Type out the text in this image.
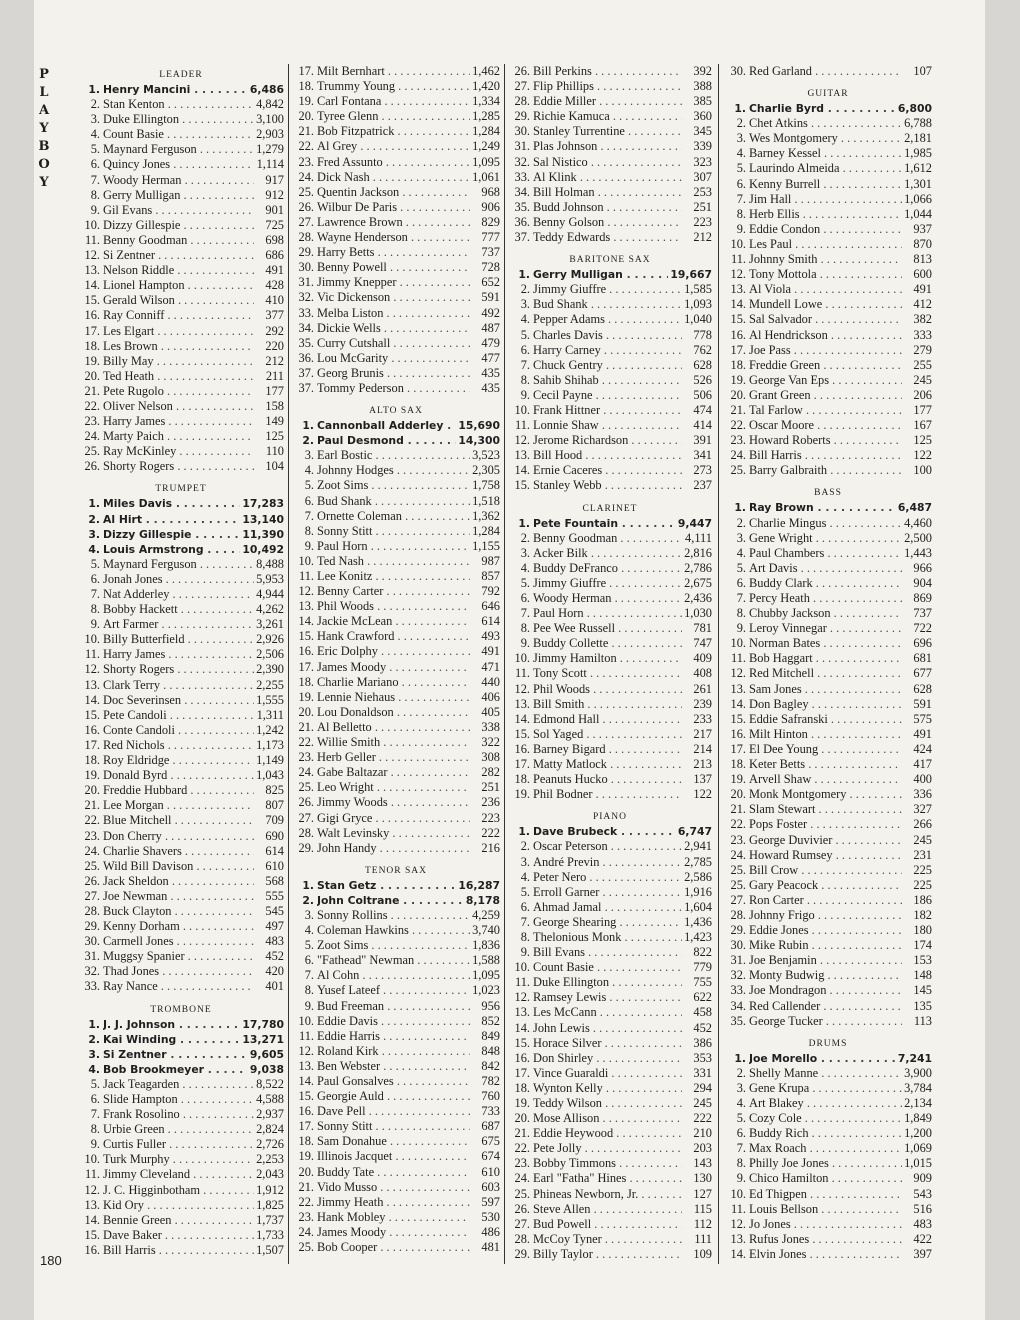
P
L
A
Y
B
O
Y
180
LEADER
1. Henry Mancini . . .	6,486
2. Stan Kenton . . .	4,842
3. Duke Ellington . . .	3,100
4. Count Basie . . .	2,903
5. Maynard Ferguson . . .	1,279
6. Quincy Jones . . .	1,114
7. Woody Herman . . .	917
8. Gerry Mulligan . . .	912
9. Gil Evans . . .	901
10. Dizzy Gillespie . . .	725
11. Benny Goodman . . .	698
12. Si Zentner . . .	686
13. Nelson Riddle . . .	491
14. Lionel Hampton . . .	428
15. Gerald Wilson . . .	410
16. Ray Conniff . . .	377
17. Les Elgart . . .	292
18. Les Brown . . .	220
19. Billy May . . .	212
20. Ted Heath . . .	211
21. Pete Rugolo . . .	177
22. Oliver Nelson . . .	158
23. Harry James . . .	149
24. Marty Paich . . .	125
25. Ray McKinley . . .	110
26. Shorty Rogers . . .	104
TRUMPET
1. Miles Davis . . .	17,283
2. Al Hirt . . .	13,140
3. Dizzy Gillespie . . .	11,390
4. Louis Armstrong . . .	10,492
5. Maynard Ferguson . . .	8,488
6. Jonah Jones . . .	5,953
7. Nat Adderley . . .	4,944
8. Bobby Hackett . . .	4,262
9. Art Farmer . . .	3,261
10. Billy Butterfield . . .	2,926
11. Harry James . . .	2,506
12. Shorty Rogers . . .	2,390
13. Clark Terry . . .	2,255
14. Doc Severinsen . . .	1,555
15. Pete Candoli . . .	1,311
16. Conte Candoli . . .	1,242
17. Red Nichols . . .	1,173
18. Roy Eldridge . . .	1,149
19. Donald Byrd . . .	1,043
20. Freddie Hubbard . . .	825
21. Lee Morgan . . .	807
22. Blue Mitchell . . .	709
23. Don Cherry . . .	690
24. Charlie Shavers . . .	614
25. Wild Bill Davison . . .	610
26. Jack Sheldon . . .	568
27. Joe Newman . . .	555
28. Buck Clayton . . .	545
29. Kenny Dorham . . .	497
30. Carmell Jones . . .	483
31. Muggsy Spanier . . .	452
32. Thad Jones . . .	420
33. Ray Nance . . .	401
TROMBONE
1. J. J. Johnson . . .	17,780
2. Kai Winding . . .	13,271
3. Si Zentner . . .	9,605
4. Bob Brookmeyer . . .	9,038
5. Jack Teagarden . . .	8,522
6. Slide Hampton . . .	4,588
7. Frank Rosolino . . .	2,937
8. Urbie Green . . .	2,824
9. Curtis Fuller . . .	2,726
10. Turk Murphy . . .	2,253
11. Jimmy Cleveland . . .	2,043
12. J. C. Higginbotham . . .	1,912
13. Kid Ory . . .	1,825
14. Bennie Green . . .	1,737
15. Dave Baker . . .	1,733
16. Bill Harris . . .	1,507
17. Milt Bernhart . . .	1,462
18. Trummy Young . . .	1,420
19. Carl Fontana . . .	1,334
20. Tyree Glenn . . .	1,285
21. Bob Fitzpatrick . . .	1,284
22. Al Grey . . .	1,249
23. Fred Assunto . . .	1,095
24. Dick Nash . . .	1,061
25. Quentin Jackson . . .	968
26. Wilbur De Paris . . .	906
27. Lawrence Brown . . .	829
28. Wayne Henderson . . .	777
29. Harry Betts . . .	737
30. Benny Powell . . .	728
31. Jimmy Knepper . . .	652
32. Vic Dickenson . . .	591
33. Melba Liston . . .	492
34. Dickie Wells . . .	487
35. Curry Cutshall . . .	479
36. Lou McGarity . . .	477
37. Georg Brunis . . .	435
37. Tommy Pederson . . .	435
ALTO SAX
1. Cannonball Adderley . . .	15,690
2. Paul Desmond . . .	14,300
3. Earl Bostic . . .	3,523
4. Johnny Hodges . . .	2,305
5. Zoot Sims . . .	1,758
6. Bud Shank . . .	1,518
7. Ornette Coleman . . .	1,362
8. Sonny Stitt . . .	1,284
9. Paul Horn . . .	1,155
10. Ted Nash . . .	987
11. Lee Konitz . . .	857
12. Benny Carter . . .	792
13. Phil Woods . . .	646
14. Jackie McLean . . .	614
15. Hank Crawford . . .	493
16. Eric Dolphy . . .	491
17. James Moody . . .	471
18. Charlie Mariano . . .	440
19. Lennie Niehaus . . .	406
20. Lou Donaldson . . .	405
21. Al Belletto . . .	338
22. Willie Smith . . .	322
23. Herb Geller . . .	308
24. Gabe Baltazar . . .	282
25. Leo Wright . . .	251
26. Jimmy Woods . . .	236
27. Gigi Gryce . . .	223
28. Walt Levinsky . . .	222
29. John Handy . . .	216
TENOR SAX
1. Stan Getz . . .	16,287
2. John Coltrane . . .	8,178
3. Sonny Rollins . . .	4,259
4. Coleman Hawkins . . .	3,740
5. Zoot Sims . . .	1,836
6. "Fathead" Newman . . .	1,588
7. Al Cohn . . .	1,095
8. Yusef Lateef . . .	1,023
9. Bud Freeman . . .	956
10. Eddie Davis . . .	852
11. Eddie Harris . . .	849
12. Roland Kirk . . .	848
13. Ben Webster . . .	842
14. Paul Gonsalves . . .	782
15. Georgie Auld . . .	760
16. Dave Pell . . .	733
17. Sonny Stitt . . .	687
18. Sam Donahue . . .	675
19. Illinois Jacquet . . .	674
20. Buddy Tate . . .	610
21. Vido Musso . . .	603
22. Jimmy Heath . . .	597
23. Hank Mobley . . .	530
24. James Moody . . .	486
25. Bob Cooper . . .	481
26. Bill Perkins . . .	392
27. Flip Phillips . . .	388
28. Eddie Miller . . .	385
29. Richie Kamuca . . .	360
30. Stanley Turrentine . . .	345
31. Plas Johnson . . .	339
32. Sal Nistico . . .	323
33. Al Klink . . .	307
34. Bill Holman . . .	253
35. Budd Johnson . . .	251
36. Benny Golson . . .	223
37. Teddy Edwards . . .	212
BARITONE SAX
1. Gerry Mulligan . . .	19,667
2. Jimmy Giuffre . . .	1,585
3. Bud Shank . . .	1,093
4. Pepper Adams . . .	1,040
5. Charles Davis . . .	778
6. Harry Carney . . .	762
7. Chuck Gentry . . .	628
8. Sahib Shihab . . .	526
9. Cecil Payne . . .	506
10. Frank Hittner . . .	474
11. Lonnie Shaw . . .	414
12. Jerome Richardson . . .	391
13. Bill Hood . . .	341
14. Ernie Caceres . . .	273
15. Stanley Webb . . .	237
CLARINET
1. Pete Fountain . . .	9,447
2. Benny Goodman . . .	4,111
3. Acker Bilk . . .	2,816
4. Buddy DeFranco . . .	2,786
5. Jimmy Giuffre . . .	2,675
6. Woody Herman . . .	2,436
7. Paul Horn . . .	1,030
8. Pee Wee Russell . . .	781
9. Buddy Collette . . .	747
10. Jimmy Hamilton . . .	409
11. Tony Scott . . .	408
12. Phil Woods . . .	261
13. Bill Smith . . .	239
14. Edmond Hall . . .	233
15. Sol Yaged . . .	217
16. Barney Bigard . . .	214
17. Matty Matlock . . .	213
18. Peanuts Hucko . . .	137
19. Phil Bodner . . .	122
PIANO
1. Dave Brubeck . . .	6,747
2. Oscar Peterson . . .	2,941
3. André Previn . . .	2,785
4. Peter Nero . . .	2,586
5. Erroll Garner . . .	1,916
6. Ahmad Jamal . . .	1,604
7. George Shearing . . .	1,436
8. Thelonious Monk . . .	1,423
9. Bill Evans . . .	822
10. Count Basie . . .	779
11. Duke Ellington . . .	755
12. Ramsey Lewis . . .	622
13. Les McCann . . .	458
14. John Lewis . . .	452
15. Horace Silver . . .	386
16. Don Shirley . . .	353
17. Vince Guaraldi . . .	331
18. Wynton Kelly . . .	294
19. Teddy Wilson . . .	245
20. Mose Allison . . .	222
21. Eddie Heywood . . .	210
22. Pete Jolly . . .	203
23. Bobby Timmons . . .	143
24. Earl "Fatha" Hines . . .	130
25. Phineas Newborn, Jr. . . .	127
26. Steve Allen . . .	115
27. Bud Powell . . .	112
28. McCoy Tyner . . .	111
29. Billy Taylor . . .	109
30. Red Garland . . .	107
GUITAR
1. Charlie Byrd . . .	6,800
2. Chet Atkins . . .	6,788
3. Wes Montgomery . . .	2,181
4. Barney Kessel . . .	1,985
5. Laurindo Almeida . . .	1,612
6. Kenny Burrell . . .	1,301
7. Jim Hall . . .	1,066
8. Herb Ellis . . .	1,044
9. Eddie Condon . . .	937
10. Les Paul . . .	870
11. Johnny Smith . . .	813
12. Tony Mottola . . .	600
13. Al Viola . . .	491
14. Mundell Lowe . . .	412
15. Sal Salvador . . .	382
16. Al Hendrickson . . .	333
17. Joe Pass . . .	279
18. Freddie Green . . .	255
19. George Van Eps . . .	245
20. Grant Green . . .	206
21. Tal Farlow . . .	177
22. Oscar Moore . . .	167
23. Howard Roberts . . .	125
24. Bill Harris . . .	122
25. Barry Galbraith . . .	100
BASS
1. Ray Brown . . .	6,487
2. Charlie Mingus . . .	4,460
3. Gene Wright . . .	2,500
4. Paul Chambers . . .	1,443
5. Art Davis . . .	966
6. Buddy Clark . . .	904
7. Percy Heath . . .	869
8. Chubby Jackson . . .	737
9. Leroy Vinnegar . . .	722
10. Norman Bates . . .	696
11. Bob Haggart . . .	681
12. Red Mitchell . . .	677
13. Sam Jones . . .	628
14. Don Bagley . . .	591
15. Eddie Safranski . . .	575
16. Milt Hinton . . .	491
17. El Dee Young . . .	424
18. Keter Betts . . .	417
19. Arvell Shaw . . .	400
20. Monk Montgomery . . .	336
21. Slam Stewart . . .	327
22. Pops Foster . . .	266
23. George Duvivier . . .	245
24. Howard Rumsey . . .	231
25. Bill Crow . . .	225
25. Gary Peacock . . .	225
27. Ron Carter . . .	186
28. Johnny Frigo . . .	182
29. Eddie Jones . . .	180
30. Mike Rubin . . .	174
31. Joe Benjamin . . .	153
32. Monty Budwig . . .	148
33. Joe Mondragon . . .	145
34. Red Callender . . .	135
35. George Tucker . . .	113
DRUMS
1. Joe Morello . . .	7,241
2. Shelly Manne . . .	3,900
3. Gene Krupa . . .	3,784
4. Art Blakey . . .	2,134
5. Cozy Cole . . .	1,849
6. Buddy Rich . . .	1,200
7. Max Roach . . .	1,069
8. Philly Joe Jones . . .	1,015
9. Chico Hamilton . . .	909
10. Ed Thigpen . . .	543
11. Louis Bellson . . .	516
12. Jo Jones . . .	483
13. Rufus Jones . . .	422
14. Elvin Jones . . .	397
